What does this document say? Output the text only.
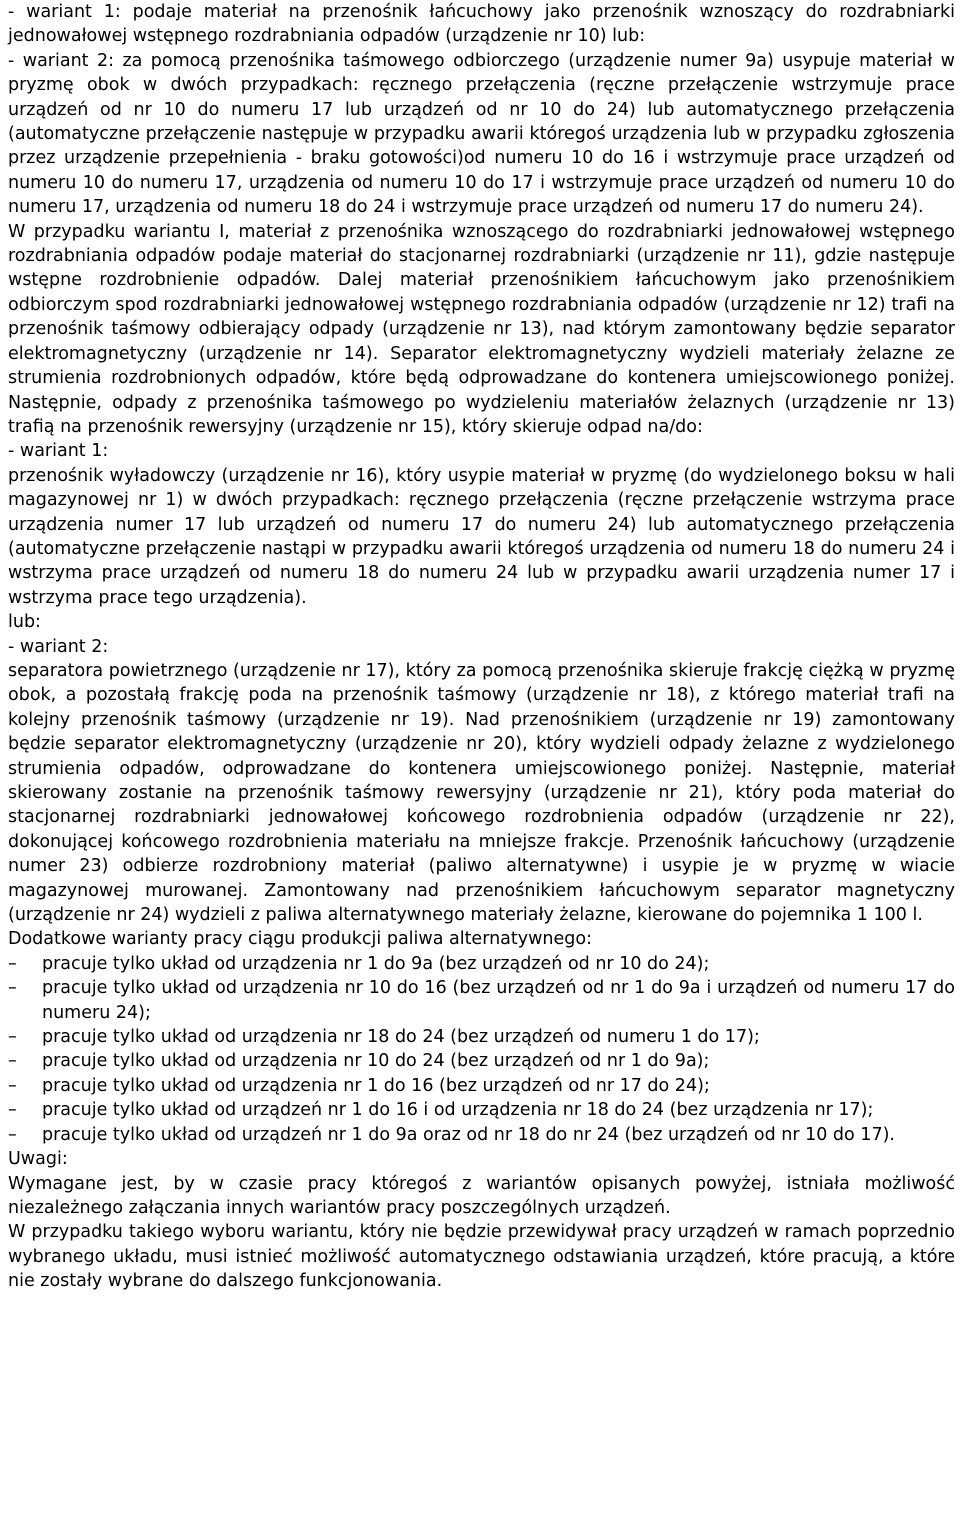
- wariant 1: podaje materiał na przenośnik łańcuchowy jako przenośnik wznoszący do rozdrabniarki jednowałowej wstępnego rozdrabniania odpadów (urządzenie nr 10) lub:

- wariant 2: za pomocą przenośnika taśmowego odbiorczego (urządzenie numer 9a) usypuje materiał w pryzmę obok w dwóch przypadkach: ręcznego przełączenia (ręczne przełączenie wstrzymuje prace urządzeń od nr 10 do numeru 17 lub urządzeń od nr 10 do 24) lub automatycznego przełączenia (automatyczne przełączenie następuje w przypadku awarii któregoś urządzenia lub w przypadku zgłoszenia przez urządzenie przepełnienia - braku gotowości)od numeru 10 do 16 i wstrzymuje prace urządzeń od numeru 10 do numeru 17, urządzenia od numeru 10 do 17 i wstrzymuje prace urządzeń od numeru 10 do numeru 17, urządzenia od numeru 18 do 24 i wstrzymuje prace urządzeń od numeru 17 do numeru 24).

W przypadku wariantu I, materiał z przenośnika wznoszącego do rozdrabniarki jednowałowej wstępnego rozdrabniania odpadów podaje materiał do stacjonarnej rozdrabniarki (urządzenie nr 11), gdzie następuje wstępne rozdrobnienie odpadów. Dalej materiał przenośnikiem łańcuchowym jako przenośnikiem odbiorczym spod rozdrabniarki jednowałowej wstępnego rozdrabniania odpadów (urządzenie nr 12) trafi na przenośnik taśmowy odbierający odpady (urządzenie nr 13), nad którym zamontowany będzie separator elektromagnetyczny (urządzenie nr 14). Separator elektromagnetyczny wydzieli materiały żelazne ze strumienia rozdrobnionych odpadów, które będą odprowadzane do kontenera umiejscowionego poniżej. Następnie, odpady z przenośnika taśmowego po wydzieleniu materiałów żelaznych (urządzenie nr 13) trafią na przenośnik rewersyjny (urządzenie nr 15), który skieruje odpad na/do:

- wariant 1:

przenośnik wyładowczy (urządzenie nr 16), który usypie materiał w pryzmę (do wydzielonego boksu w hali magazynowej nr 1) w dwóch przypadkach: ręcznego przełączenia (ręczne przełączenie wstrzyma prace urządzenia numer 17 lub urządzeń od numeru 17 do numeru 24) lub automatycznego przełączenia (automatyczne przełączenie nastąpi w przypadku awarii któregoś urządzenia od numeru 18 do numeru 24 i wstrzyma prace urządzeń od numeru 18 do numeru 24 lub w przypadku awarii urządzenia numer 17 i wstrzyma prace tego urządzenia).

lub:

- wariant 2:

separatora powietrznego (urządzenie nr 17), który za pomocą przenośnika skieruje frakcję ciężką w pryzmę obok, a pozostałą frakcję poda na przenośnik taśmowy (urządzenie nr 18), z którego materiał trafi na kolejny przenośnik taśmowy (urządzenie nr 19). Nad przenośnikiem (urządzenie nr 19) zamontowany będzie separator elektromagnetyczny (urządzenie nr 20), który wydzieli odpady żelazne z wydzielonego strumienia odpadów, odprowadzane do kontenera umiejscowionego poniżej. Następnie, materiał skierowany zostanie na przenośnik taśmowy rewersyjny (urządzenie nr 21), który poda materiał do stacjonarnej rozdrabniarki jednowałowej końcowego rozdrobnienia odpadów (urządzenie nr 22), dokonującej końcowego rozdrobnienia materiału na mniejsze frakcje. Przenośnik łańcuchowy (urządzenie numer 23) odbierze rozdrobniony materiał (paliwo alternatywne) i usypie je w pryzmę w wiacie magazynowej murowanej. Zamontowany nad przenośnikiem łańcuchowym separator magnetyczny (urządzenie nr 24) wydzieli z paliwa alternatywnego materiały żelazne, kierowane do pojemnika 1 100 l.

Dodatkowe warianty pracy ciągu produkcji paliwa alternatywnego:

–	pracuje tylko układ od urządzenia nr 1 do 9a (bez urządzeń od nr 10 do 24);
–	pracuje tylko układ od urządzenia nr 10 do 16 (bez urządzeń od nr 1 do 9a i urządzeń od numeru 17 do numeru 24);
–	pracuje tylko układ od urządzenia nr 18 do 24 (bez urządzeń od numeru 1 do 17);
–	pracuje tylko układ od urządzenia nr 10 do 24 (bez urządzeń od nr 1 do 9a);
–	pracuje tylko układ od urządzenia nr 1 do 16 (bez urządzeń od nr 17 do 24);
–	pracuje tylko układ od urządzeń nr 1 do 16 i od urządzenia nr 18 do 24 (bez urządzenia nr 17);
–	pracuje tylko układ od urządzeń nr 1 do 9a oraz od nr 18 do nr 24 (bez urządzeń od nr 10 do 17).

Uwagi:

Wymagane jest, by w czasie pracy któregoś z wariantów opisanych powyżej, istniała możliwość niezależnego załączania innych wariantów pracy poszczególnych urządzeń.

W przypadku takiego wyboru wariantu, który nie będzie przewidywał pracy urządzeń w ramach poprzednio wybranego układu, musi istnieć możliwość automatycznego odstawiania urządzeń, które pracują, a które nie zostały wybrane do dalszego funkcjonowania.
